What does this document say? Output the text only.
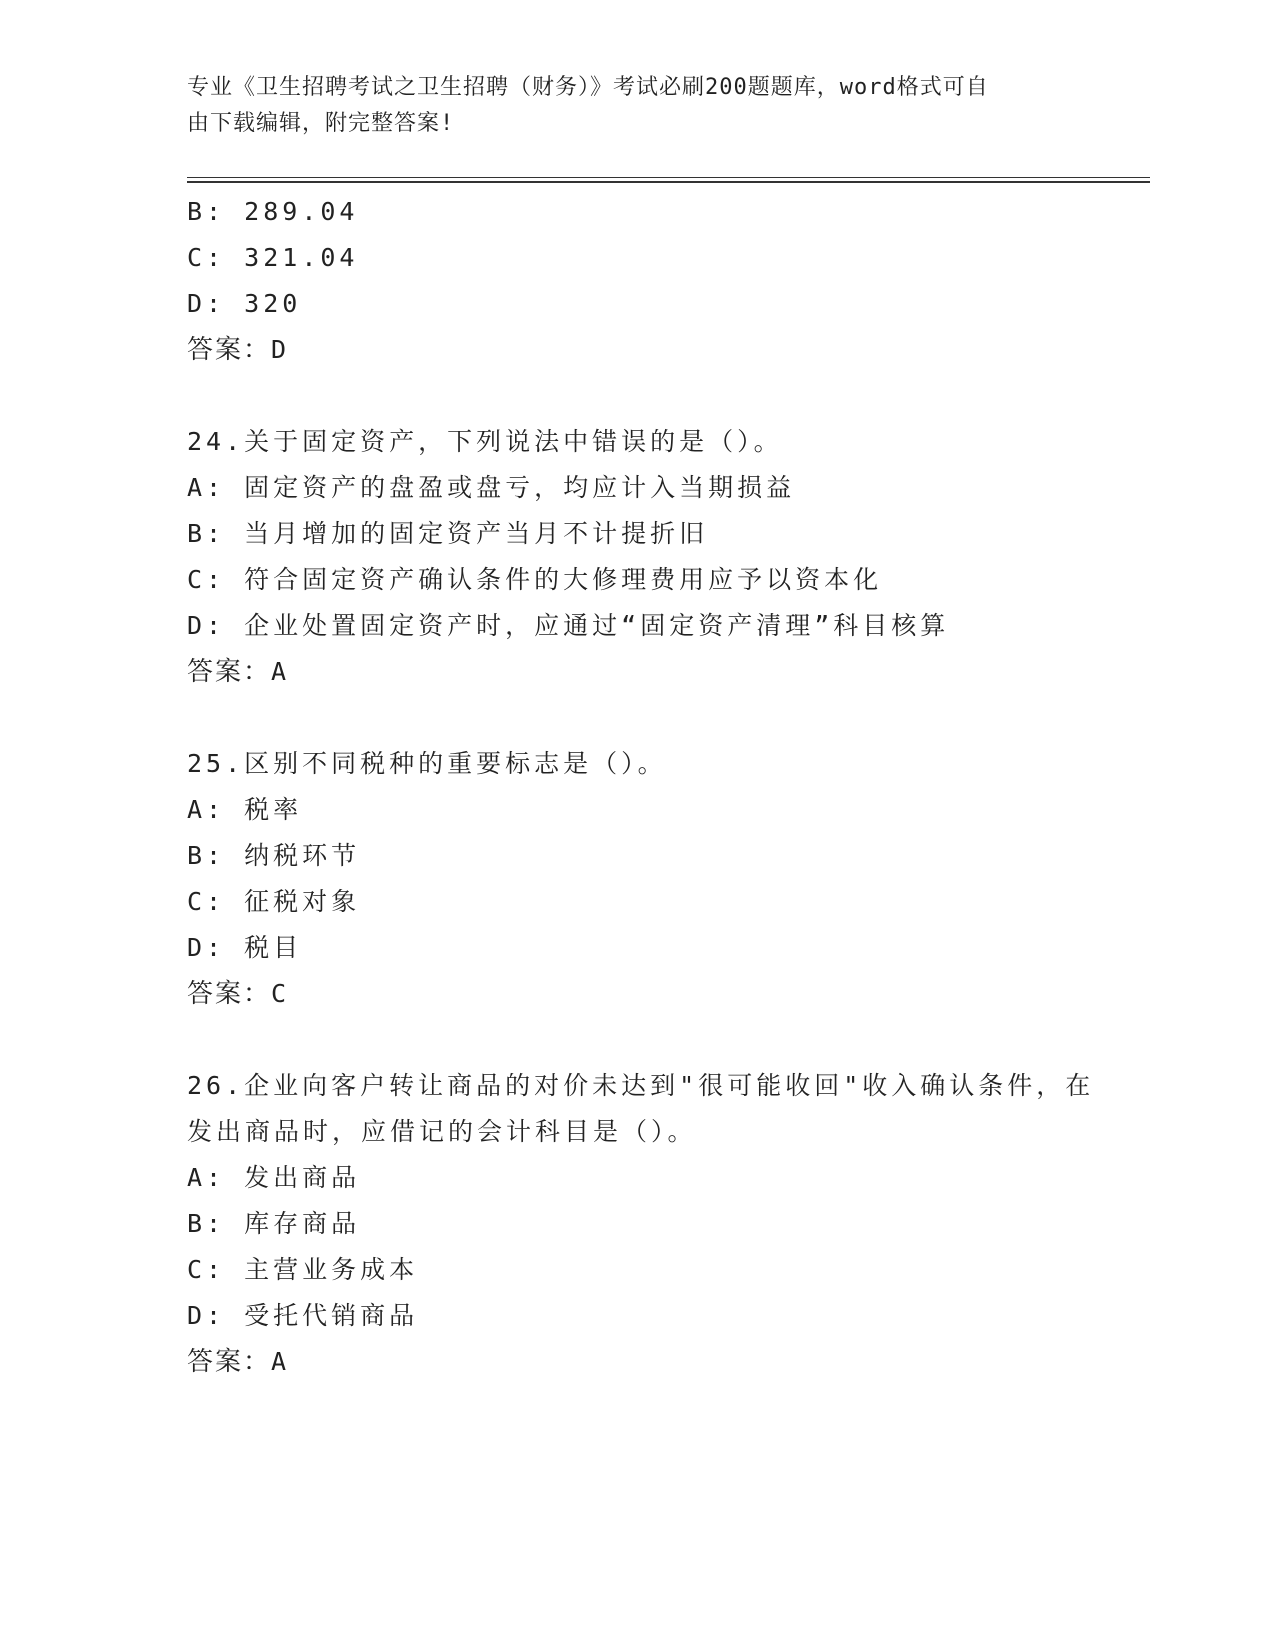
专业《卫生招聘考试之卫生招聘（财务）》考试必刷200题题库，word格式可自
由下载编辑，附完整答案!
B: 289.04
C: 321.04
D: 320
答案：D
24.关于固定资产，下列说法中错误的是（）。
A: 固定资产的盘盈或盘亏，均应计入当期损益
B: 当月增加的固定资产当月不计提折旧
C: 符合固定资产确认条件的大修理费用应予以资本化
D: 企业处置固定资产时，应通过“固定资产清理”科目核算
答案：A
25.区别不同税种的重要标志是（）。
A: 税率
B: 纳税环节
C: 征税对象
D: 税目
答案：C
26.企业向客户转让商品的对价未达到"很可能收回"收入确认条件，在
发出商品时，应借记的会计科目是（）。
A: 发出商品
B: 库存商品
C: 主营业务成本
D: 受托代销商品
答案：A
